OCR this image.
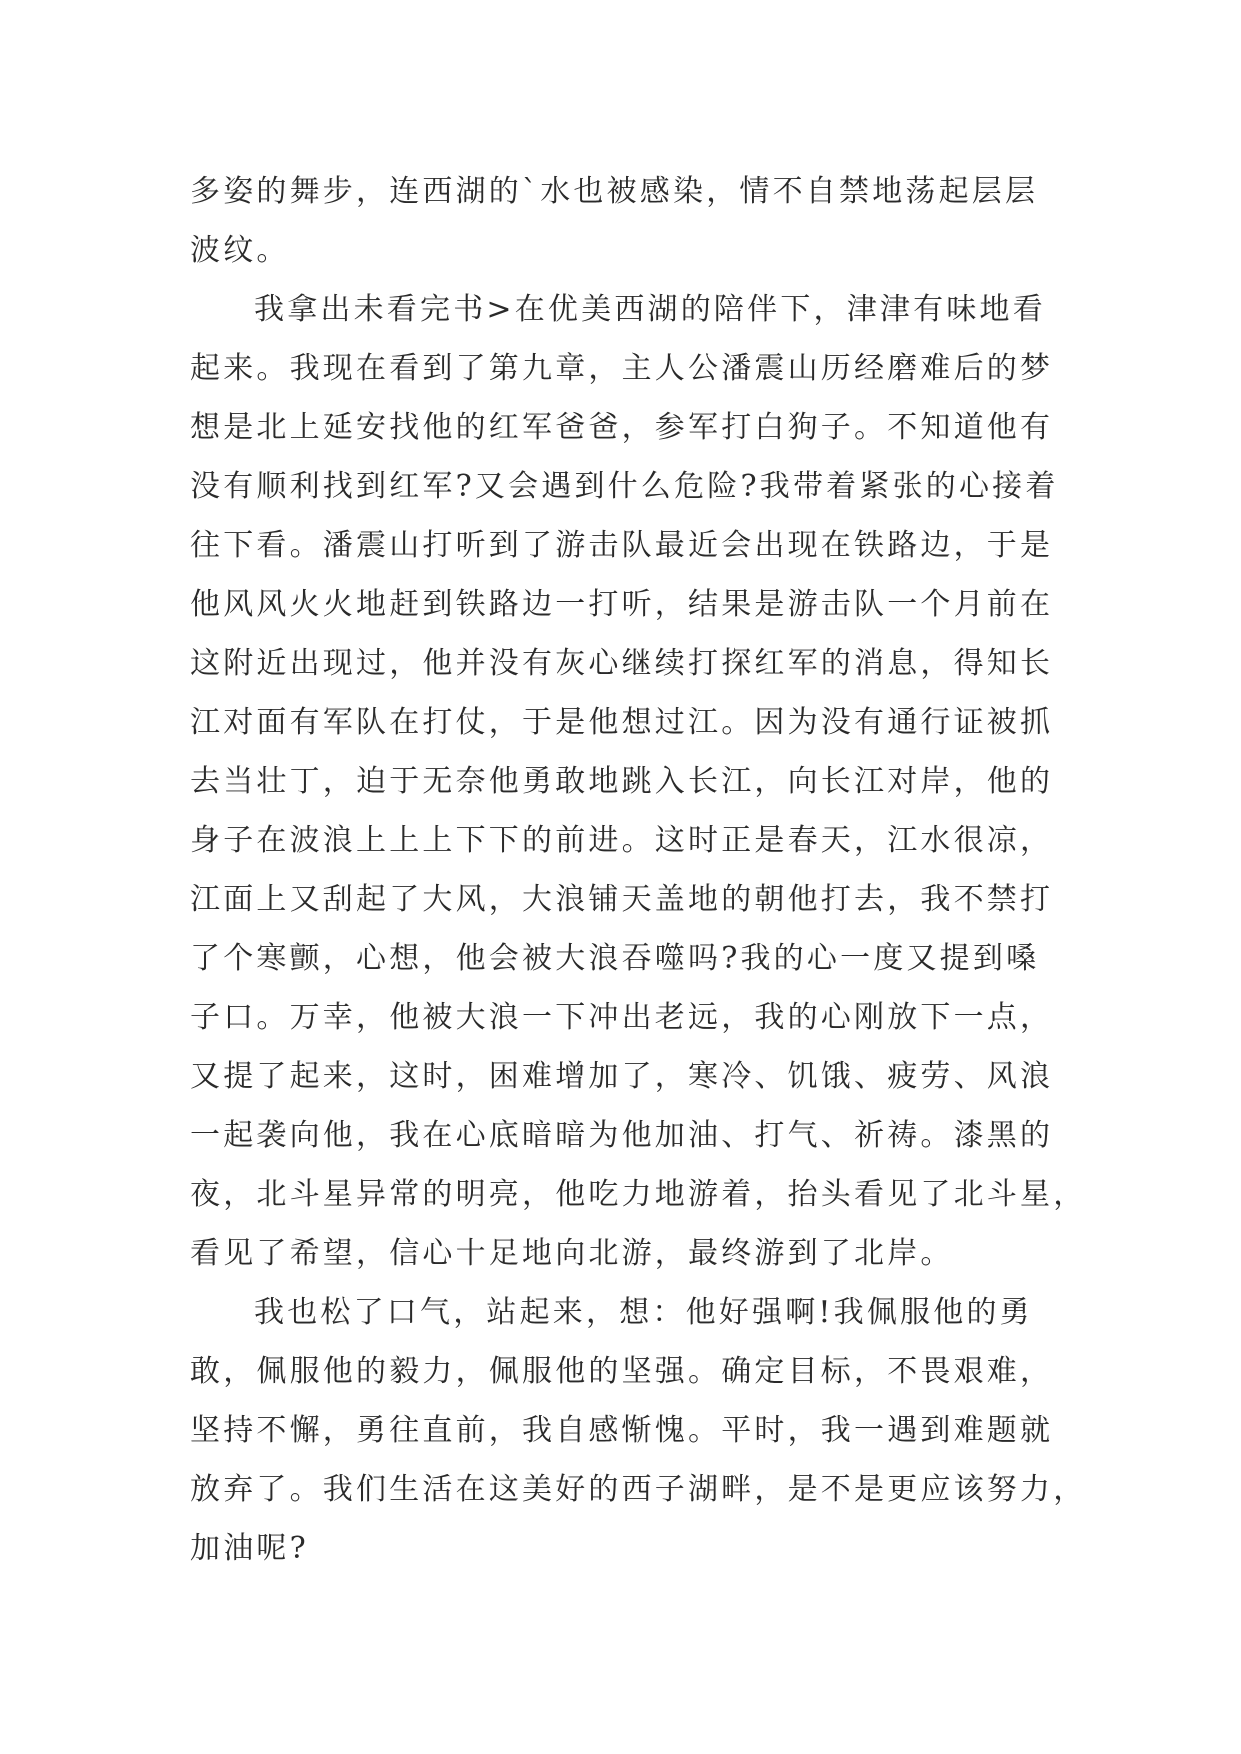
多姿的舞步，连西湖的`水也被感染，情不自禁地荡起层层
波纹。
我拿出未看完书>在优美西湖的陪伴下，津津有味地看
起来。我现在看到了第九章，主人公潘震山历经磨难后的梦
想是北上延安找他的红军爸爸，参军打白狗子。不知道他有
没有顺利找到红军?又会遇到什么危险?我带着紧张的心接着
往下看。潘震山打听到了游击队最近会出现在铁路边，于是
他风风火火地赶到铁路边一打听，结果是游击队一个月前在
这附近出现过，他并没有灰心继续打探红军的消息，得知长
江对面有军队在打仗，于是他想过江。因为没有通行证被抓
去当壮丁，迫于无奈他勇敢地跳入长江，向长江对岸，他的
身子在波浪上上上下下的前进。这时正是春天，江水很凉，
江面上又刮起了大风，大浪铺天盖地的朝他打去，我不禁打
了个寒颤，心想，他会被大浪吞噬吗?我的心一度又提到嗓
子口。万幸，他被大浪一下冲出老远，我的心刚放下一点，
又提了起来，这时，困难增加了，寒冷、饥饿、疲劳、风浪
一起袭向他，我在心底暗暗为他加油、打气、祈祷。漆黑的
夜，北斗星异常的明亮，他吃力地游着，抬头看见了北斗星，
看见了希望，信心十足地向北游，最终游到了北岸。
我也松了口气，站起来，想：他好强啊!我佩服他的勇
敢，佩服他的毅力，佩服他的坚强。确定目标，不畏艰难，
坚持不懈，勇往直前，我自感惭愧。平时，我一遇到难题就
放弃了。我们生活在这美好的西子湖畔，是不是更应该努力，
加油呢?
